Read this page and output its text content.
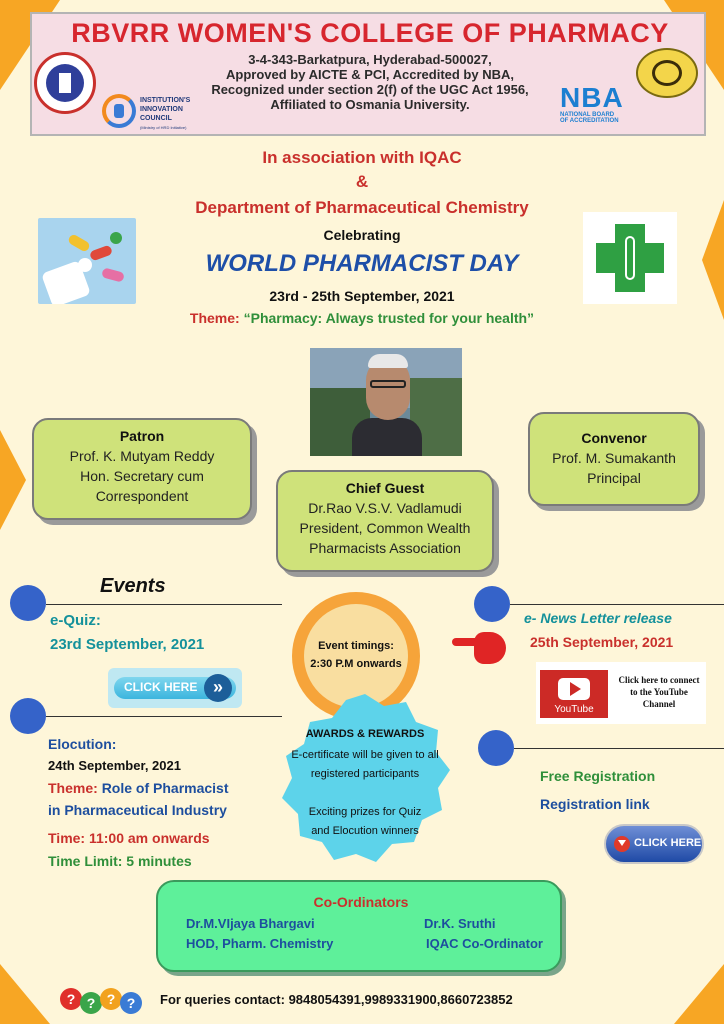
RBVRR WOMEN'S COLLEGE OF PHARMACY
INSTITUTION'S
INNOVATION
COUNCIL
(Ministry of HRD Initiative)
3-4-343-Barkatpura, Hyderabad-500027,
Approved by AICTE & PCI, Accredited by NBA,
Recognized under section 2(f) of the UGC Act 1956,
Affiliated to Osmania University.	NBA
NATIONAL BOARD
OF ACCREDITATION
In association with IQAC
&
Department of Pharmaceutical Chemistry
Celebrating
WORLD PHARMACIST DAY
23rd - 25th September, 2021
Theme: “Pharmacy: Always trusted for your health”
Patron
Prof. K. Mutyam Reddy
Hon. Secretary cum
Correspondent
Convenor
Prof. M. Sumakanth
Principal
Chief Guest
Dr.Rao V.S.V. Vadlamudi
President, Common Wealth
Pharmacists Association
Events
e-Quiz:
23rd September, 2021
CLICK HERE »
Event timings:
2:30 P.M onwards
e- News Letter release
25th September, 2021
YouTube
Click here to connect
to the YouTube
Channel
AWARDS & REWARDS
E-certificate will be given to all
registered participants
Exciting prizes for Quiz
and Elocution winners
Elocution:
24th September, 2021
Theme: Role of Pharmacist
in Pharmaceutical Industry
Time: 11:00 am onwards
Time Limit: 5 minutes
Free Registration
Registration link
CLICK HERE
Co-Ordinators
Dr.M.VIjaya Bhargavi
HOD, Pharm. Chemistry
Dr.K. Sruthi
IQAC Co-Ordinator
? ? ? ?	For queries contact: 9848054391,9989331900,8660723852
